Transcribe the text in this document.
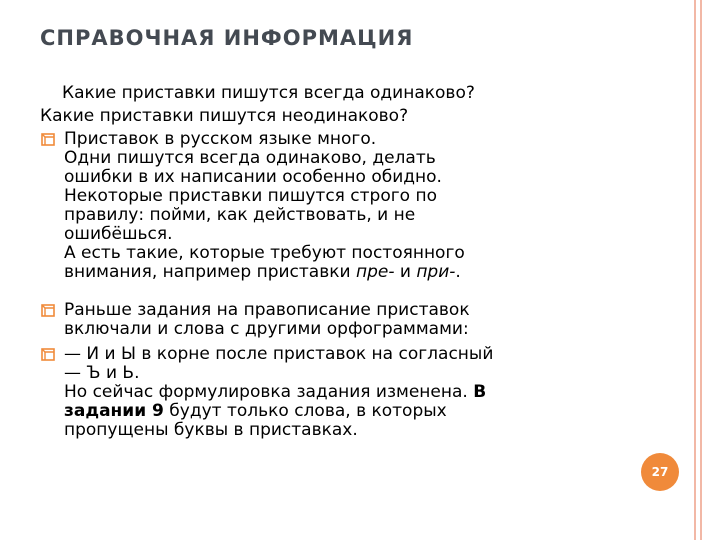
СПРАВОЧНАЯ ИНФОРМАЦИЯ
Какие приставки пишутся всегда одинаково?
Какие приставки пишутся неодинаково?
Приставок в русском языке много.
Одни пишутся всегда одинаково, делать
ошибки в их написании особенно обидно.
Некоторые приставки пишутся строго по
правилу: пойми, как действовать, и не
ошибёшься.
А есть такие, которые требуют постоянного
внимания, например приставки пре- и при-.
Раньше задания на правописание приставок
включали и слова с другими орфограммами:
— И и Ы в корне после приставок на согласный
— Ъ и Ь.
Но сейчас формулировка задания изменена. В
задании 9 будут только слова, в которых
пропущены буквы в приставках.
27
